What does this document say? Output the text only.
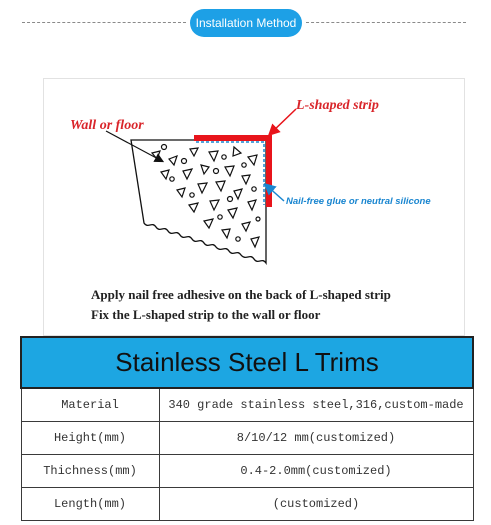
Installation Method
Wall or floor
L-shaped strip
Nail-free glue or neutral silicone
Apply nail free adhesive on the back of L-shaped strip
Fix the L-shaped strip to the wall or floor
Stainless Steel L Trims	
Material	340 grade stainless steel,316,custom-made
Height(mm)	8/10/12 mm(customized)
Thichness(mm)	0.4-2.0mm(customized)
Length(mm)	(customized)
